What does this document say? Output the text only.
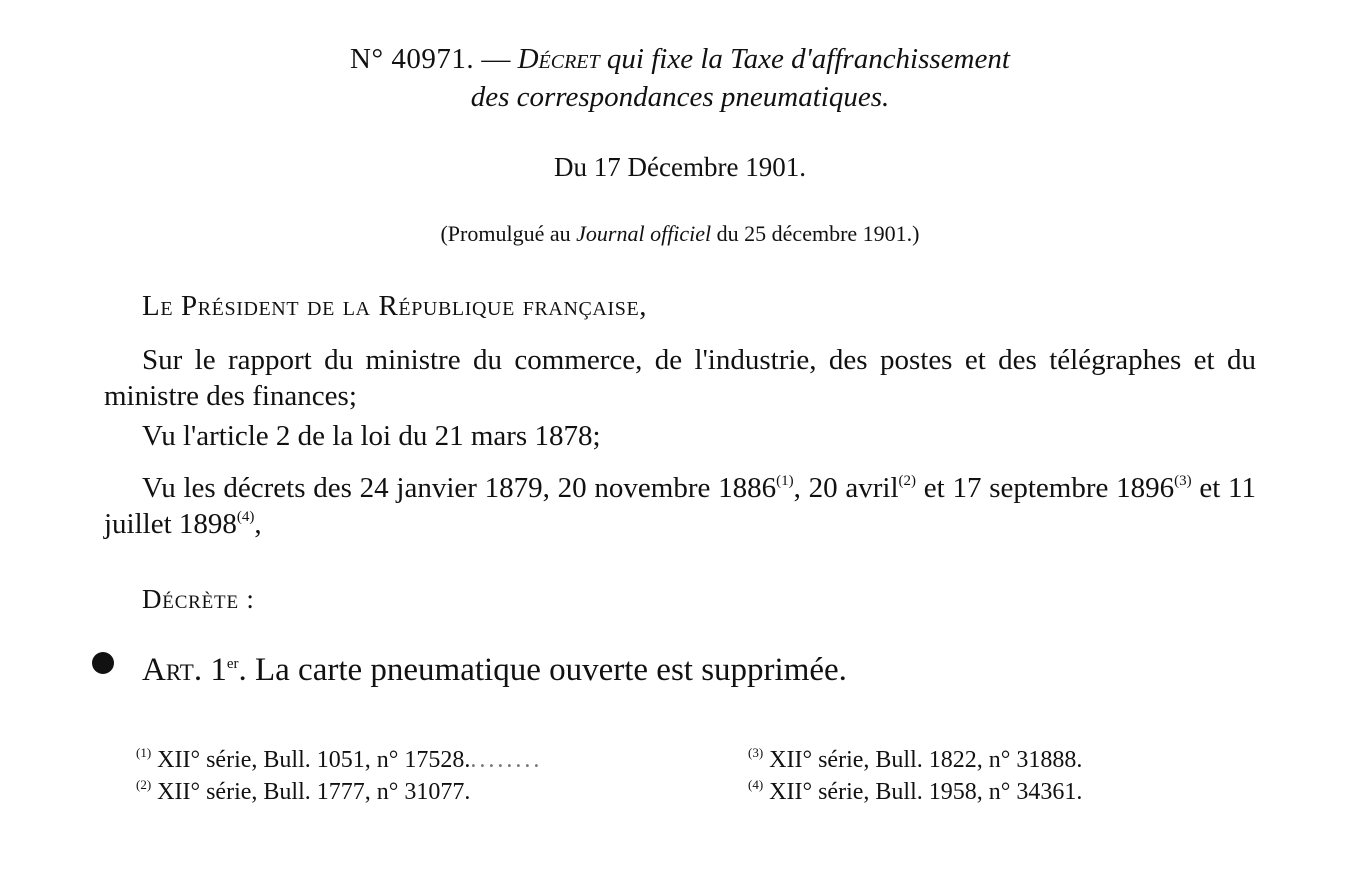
N° 40971. — Décret qui fixe la Taxe d'affranchissement
des correspondances pneumatiques.
Du 17 Décembre 1901.
(Promulgué au Journal officiel du 25 décembre 1901.)
Le Président de la République française,
Sur le rapport du ministre du commerce, de l'industrie, des postes et des télégraphes et du ministre des finances;
Vu l'article 2 de la loi du 21 mars 1878;
Vu les décrets des 24 janvier 1879, 20 novembre 1886$^{(1)}$, 20 avril$^{(2)}$ et 17 septembre 1896$^{(3)}$ et 11 juillet 1898$^{(4)}$,
Décrète :
Art. 1er. La carte pneumatique ouverte est supprimée.
$^{(1)}$ XII° série, Bull. 1051, n° 17528.........	$^{(3)}$ XII° série, Bull. 1822, n° 31888.
$^{(2)}$ XII° série, Bull. 1777, n° 31077.	$^{(4)}$ XII° série, Bull. 1958, n° 34361.
